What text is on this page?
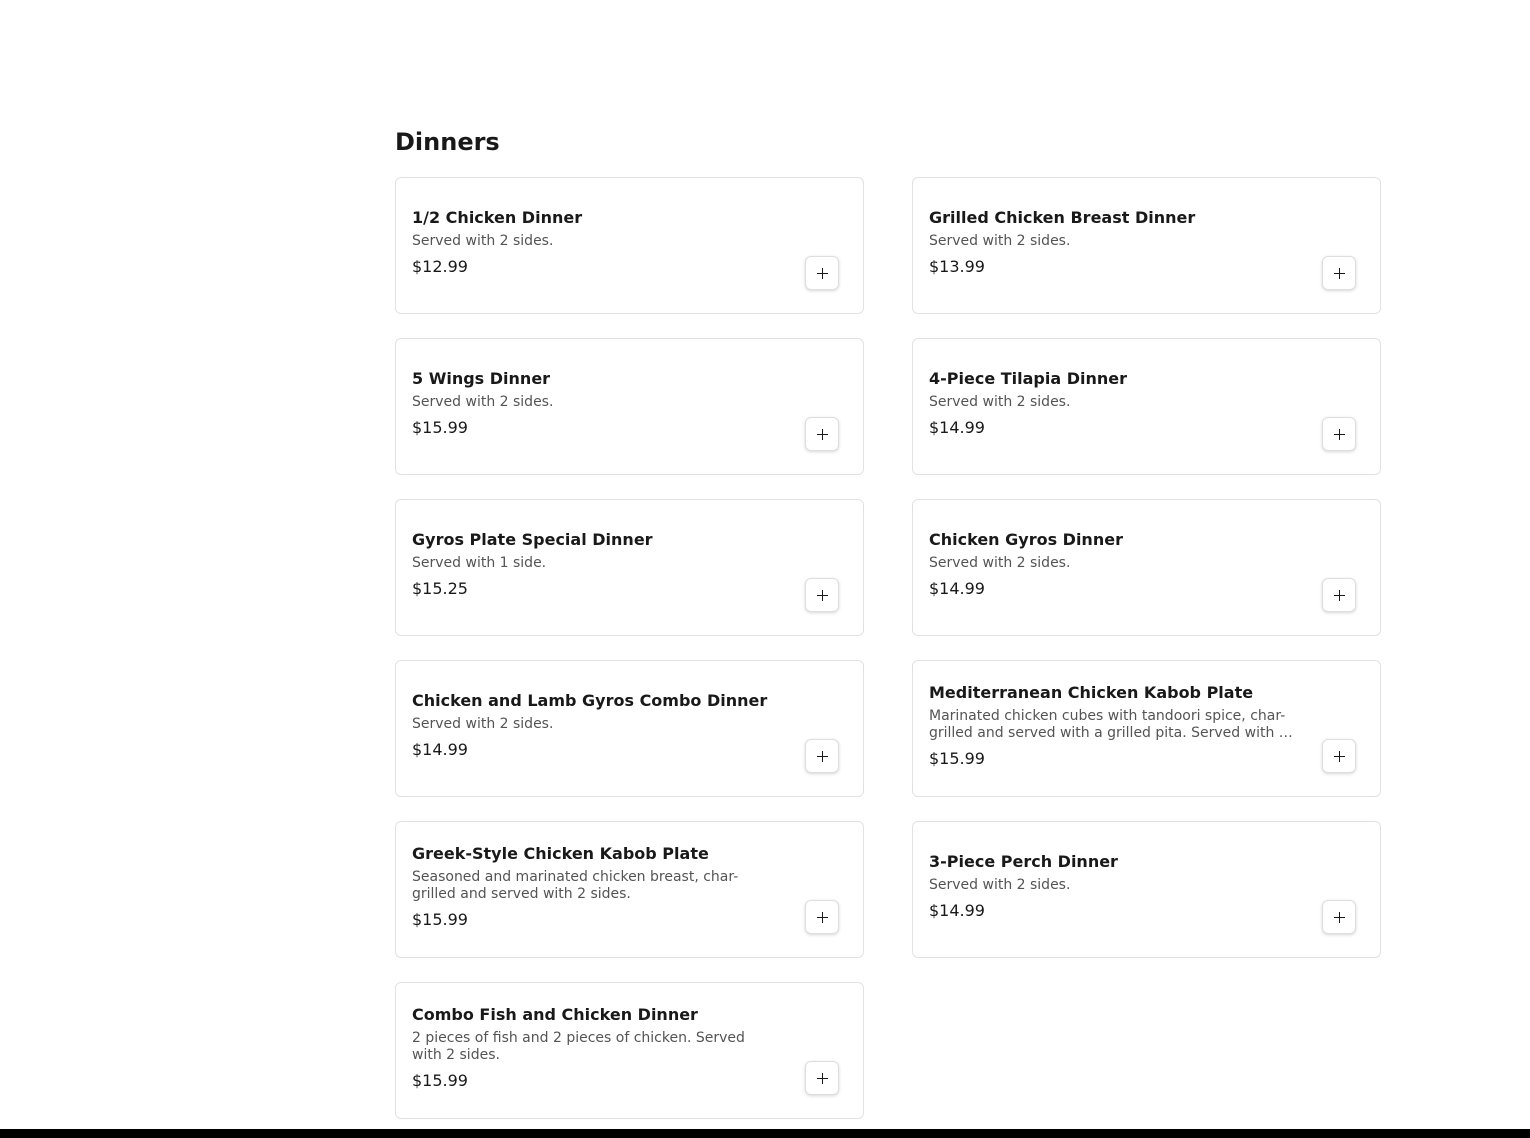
Dinners
1/2 Chicken Dinner
Served with 2 sides.
$12.99
Grilled Chicken Breast Dinner
Served with 2 sides.
$13.99
5 Wings Dinner
Served with 2 sides.
$15.99
4-Piece Tilapia Dinner
Served with 2 sides.
$14.99
Gyros Plate Special Dinner
Served with 1 side.
$15.25
Chicken Gyros Dinner
Served with 2 sides.
$14.99
Chicken and Lamb Gyros Combo Dinner
Served with 2 sides.
$14.99
Mediterranean Chicken Kabob Plate
Marinated chicken cubes with tandoori spice, char-grilled and served with a grilled pita. Served with 2
$15.99
Greek-Style Chicken Kabob Plate
Seasoned and marinated chicken breast, char-grilled and served with 2 sides.
$15.99
3-Piece Perch Dinner
Served with 2 sides.
$14.99
Combo Fish and Chicken Dinner
2 pieces of fish and 2 pieces of chicken. Served with 2 sides.
$15.99
